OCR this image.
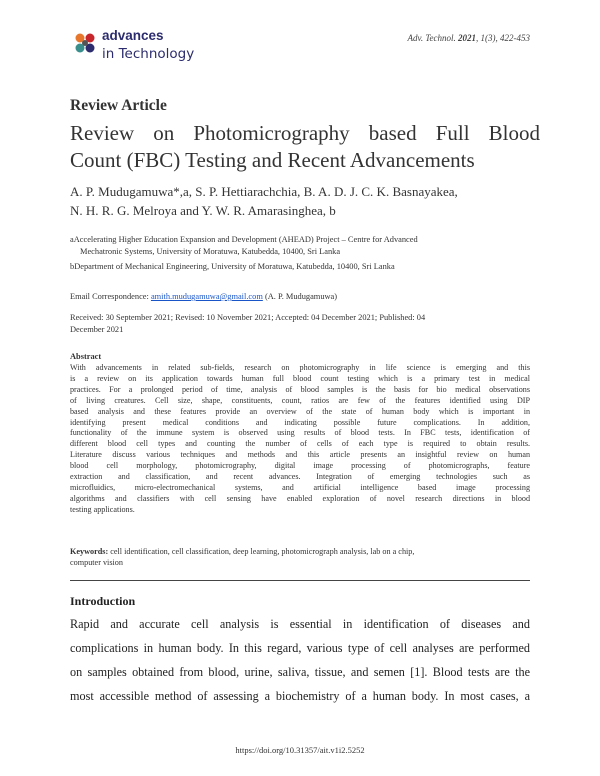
advances
in Technology
Adv. Technol. 2021, 1(3), 422-453
Review Article
Review on Photomicrography based Full Blood
Count (FBC) Testing and Recent Advancements
A. P. Mudugamuwa*,a, S. P. Hettiarachchia, B. A. D. J. C. K. Basnayakea,
N. H. R. G. Melroya and Y. W. R. Amarasinghea, b
aAccelerating Higher Education Expansion and Development (AHEAD) Project – Centre for Advanced
Mechatronic Systems, University of Moratuwa, Katubedda, 10400, Sri Lanka
bDepartment of Mechanical Engineering, University of Moratuwa, Katubedda, 10400, Sri Lanka
Email Correspondence: amith.mudugamuwa@gmail.com (A. P. Mudugamuwa)
Received: 30 September 2021; Revised: 10 November 2021; Accepted: 04 December 2021; Published: 04
December 2021
Abstract
With advancements in related sub-fields, research on photomicrography in life science is emerging and this
is a review on its application towards human full blood count testing which is a primary test in medical
practices. For a prolonged period of time, analysis of blood samples is the basis for bio medical observations
of living creatures. Cell size, shape, constituents, count, ratios are few of the features identified using DIP
based analysis and these features provide an overview of the state of human body which is important in
identifying present medical conditions and indicating possible future complications. In addition,
functionality of the immune system is observed using results of blood tests. In FBC tests, identification of
different blood cell types and counting the number of cells of each type is required to obtain results.
Literature discuss various techniques and methods and this article presents an insightful review on human
blood cell morphology, photomicrography, digital image processing of photomicrographs, feature
extraction and classification, and recent advances. Integration of emerging technologies such as
microfluidics, micro-electromechanical systems, and artificial intelligence based image processing
algorithms and classifiers with cell sensing have enabled exploration of novel research directions in blood
testing applications.
Keywords: cell identification, cell classification, deep learning, photomicrograph analysis, lab on a chip,
computer vision
Introduction
Rapid and accurate cell analysis is essential in identification of diseases and
complications in human body. In this regard, various type of cell analyses are performed
on samples obtained from blood, urine, saliva, tissue, and semen [1]. Blood tests are the
most accessible method of assessing a biochemistry of a human body. In most cases, a
https://doi.org/10.31357/ait.v1i2.5252
